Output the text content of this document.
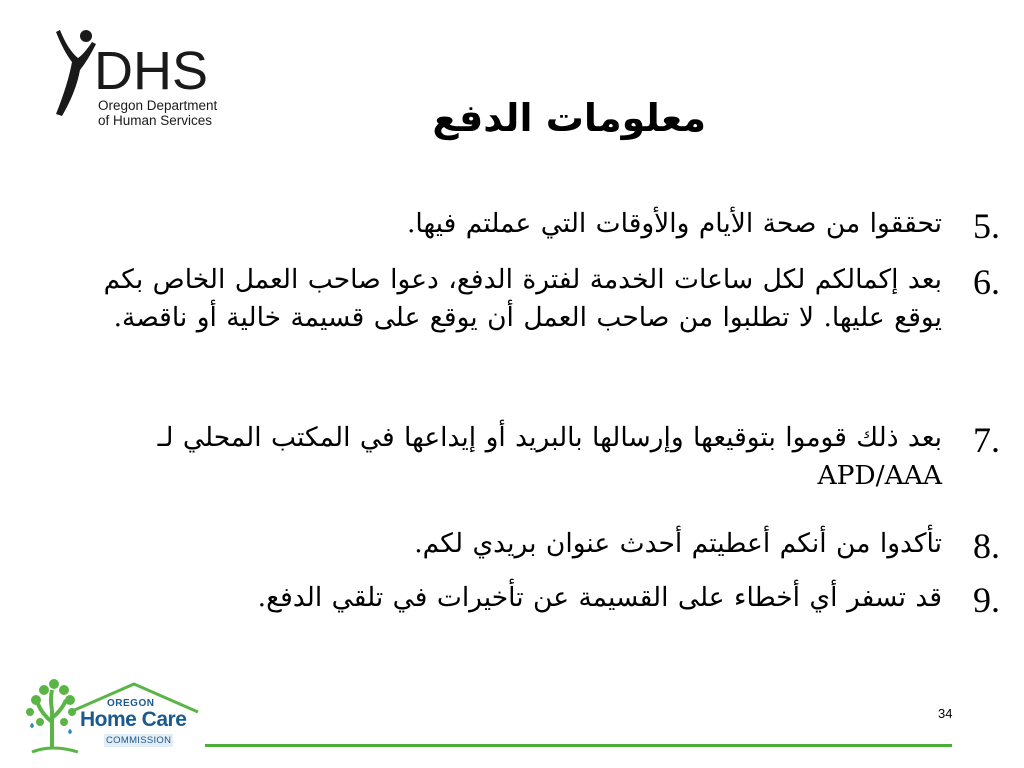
DHS
Oregon Department
of Human Services	معلومات الدفع
5.
تحققوا من صحة الأيام والأوقات التي عملتم فيها.
6.
بعد إكمالكم لكل ساعات الخدمة لفترة الدفع، دعوا صاحب العمل الخاص بكم يوقع عليها. لا تطلبوا من صاحب العمل أن يوقع على قسيمة خالية أو ناقصة.
7.
بعد ذلك قوموا بتوقيعها وإرسالها بالبريد أو إيداعها في المكتب المحلي لـ APD/AAA
8.
تأكدوا من أنكم أعطيتم أحدث عنوان بريدي لكم.
9.
قد تسفر أي أخطاء على القسيمة عن تأخيرات في تلقي الدفع.
OREGON
Home Care
COMMISSION
34
